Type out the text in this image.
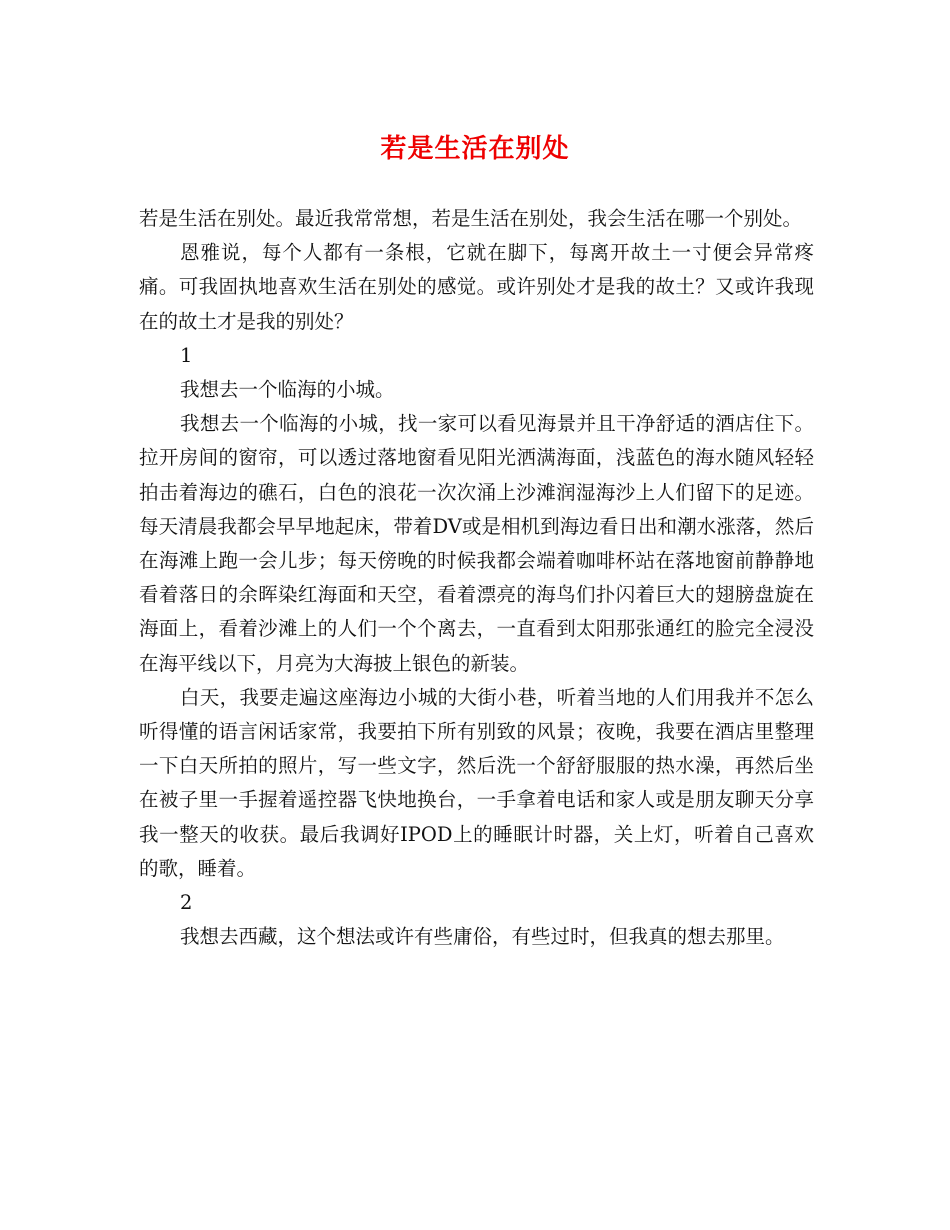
若是生活在别处

若是生活在别处。最近我常常想，若是生活在别处，我会生活在哪一个别处。

恩雅说，每个人都有一条根，它就在脚下，每离开故土一寸便会异常疼痛。可我固执地喜欢生活在别处的感觉。或许别处才是我的故土？又或许我现在的故土才是我的别处？

1

我想去一个临海的小城。

我想去一个临海的小城，找一家可以看见海景并且干净舒适的酒店住下。拉开房间的窗帘，可以透过落地窗看见阳光洒满海面，浅蓝色的海水随风轻轻拍击着海边的礁石，白色的浪花一次次涌上沙滩润湿海沙上人们留下的足迹。每天清晨我都会早早地起床，带着DV或是相机到海边看日出和潮水涨落，然后在海滩上跑一会儿步；每天傍晚的时候我都会端着咖啡杯站在落地窗前静静地看着落日的余晖染红海面和天空，看着漂亮的海鸟们扑闪着巨大的翅膀盘旋在海面上，看着沙滩上的人们一个个离去，一直看到太阳那张通红的脸完全浸没在海平线以下，月亮为大海披上银色的新装。

白天，我要走遍这座海边小城的大街小巷，听着当地的人们用我并不怎么听得懂的语言闲话家常，我要拍下所有别致的风景；夜晚，我要在酒店里整理一下白天所拍的照片，写一些文字，然后洗一个舒舒服服的热水澡，再然后坐在被子里一手握着遥控器飞快地换台，一手拿着电话和家人或是朋友聊天分享我一整天的收获。最后我调好IPOD上的睡眠计时器，关上灯，听着自己喜欢的歌，睡着。

2

我想去西藏，这个想法或许有些庸俗，有些过时，但我真的想去那里。
